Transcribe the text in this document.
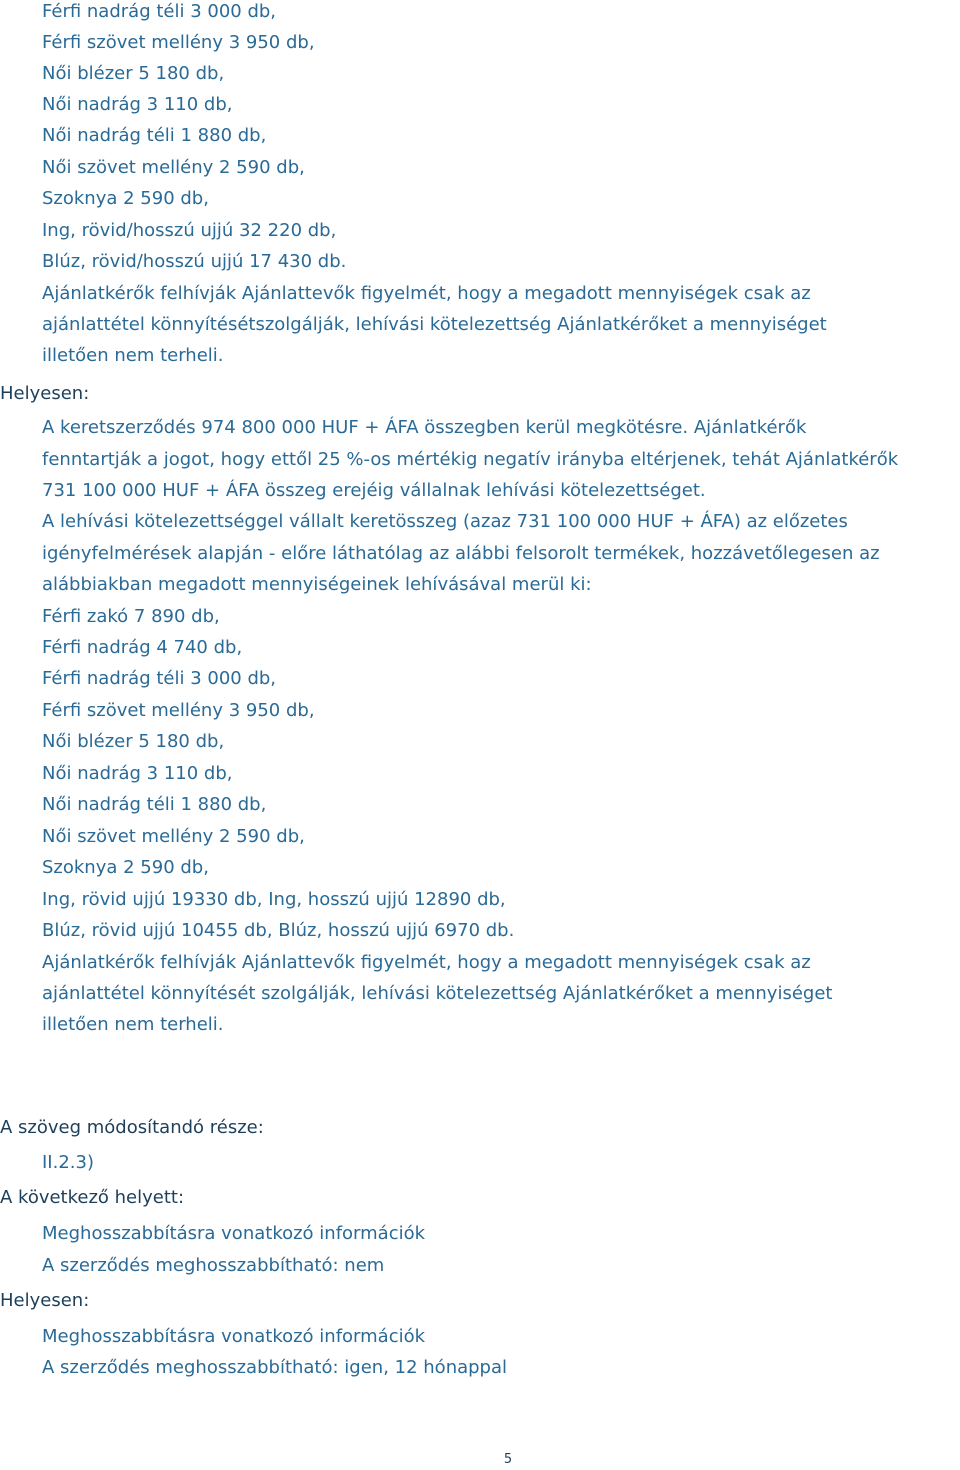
Férfi nadrág téli 3 000 db,
Férfi szövet mellény 3 950 db,
Női blézer 5 180 db,
Női nadrág 3 110 db,
Női nadrág téli 1 880 db,
Női szövet mellény 2 590 db,
Szoknya 2 590 db,
Ing, rövid/hosszú ujjú 32 220 db,
Blúz, rövid/hosszú ujjú 17 430 db.
Ajánlatkérők felhívják Ajánlattevők figyelmét, hogy a megadott mennyiségek csak az
ajánlattétel könnyítésétszolgálják, lehívási kötelezettség Ajánlatkérőket a mennyiséget
illetően nem terheli.
Helyesen:
A keretszerződés 974 800 000 HUF + ÁFA összegben kerül megkötésre. Ajánlatkérők
fenntartják a jogot, hogy ettől 25 %-os mértékig negatív irányba eltérjenek, tehát Ajánlatkérők
731 100 000 HUF + ÁFA összeg erejéig vállalnak lehívási kötelezettséget.
A lehívási kötelezettséggel vállalt keretösszeg (azaz 731 100 000 HUF + ÁFA) az előzetes
igényfelmérések alapján - előre láthatólag az alábbi felsorolt termékek, hozzávetőlegesen az
alábbiakban megadott mennyiségeinek lehívásával merül ki:
Férfi zakó 7 890 db,
Férfi nadrág 4 740 db,
Férfi nadrág téli 3 000 db,
Férfi szövet mellény 3 950 db,
Női blézer 5 180 db,
Női nadrág 3 110 db,
Női nadrág téli 1 880 db,
Női szövet mellény 2 590 db,
Szoknya 2 590 db,
Ing, rövid ujjú 19330 db, Ing, hosszú ujjú 12890 db,
Blúz, rövid ujjú 10455 db, Blúz, hosszú ujjú 6970 db.
Ajánlatkérők felhívják Ajánlattevők figyelmét, hogy a megadott mennyiségek csak az
ajánlattétel könnyítését szolgálják, lehívási kötelezettség Ajánlatkérőket a mennyiséget
illetően nem terheli.
A szöveg módosítandó része:
II.2.3)
A következő helyett:
Meghosszabbításra vonatkozó információk
A szerződés meghosszabbítható: nem
Helyesen:
Meghosszabbításra vonatkozó információk
A szerződés meghosszabbítható: igen, 12 hónappal
5
